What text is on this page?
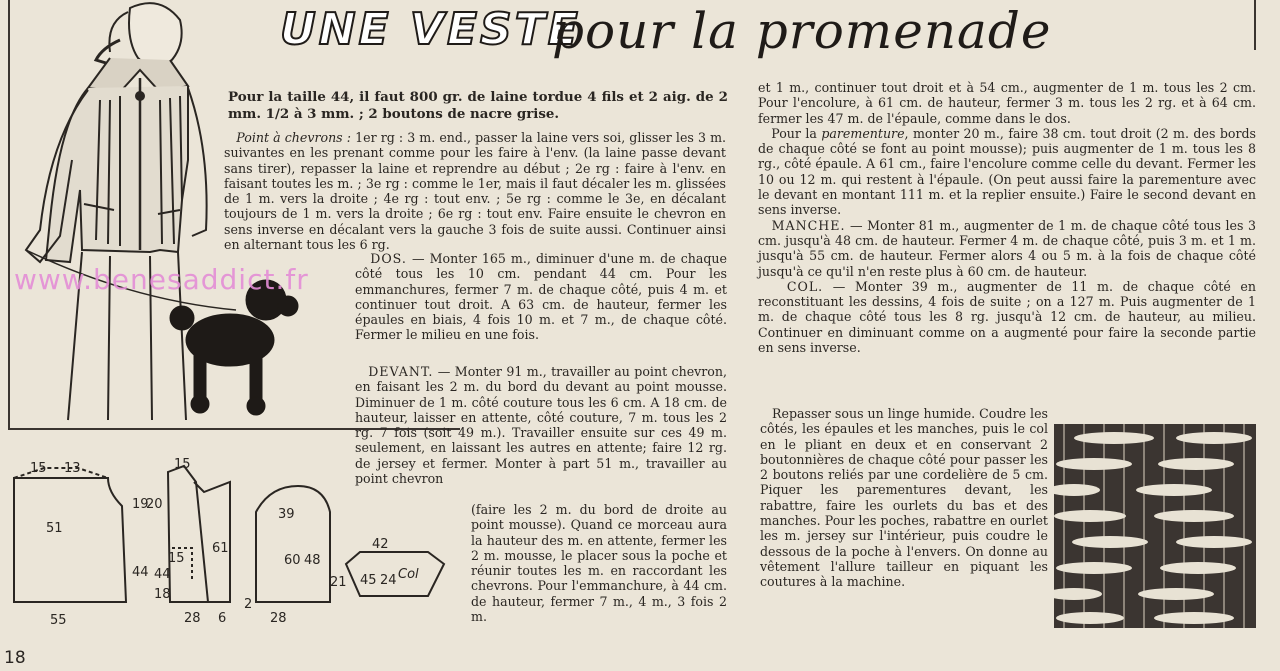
UNE VESTE
pour la promenade
www.benesaddict.fr
Pour la taille 44, il faut 800 gr. de laine tordue 4 fils et 2 aig. de 2 mm. 1/2 à 3 mm. ; 2 boutons de nacre grise.

Point à chevrons : 1er rg : 3 m. end., passer la laine vers soi, glisser les 3 m. suivantes en les prenant comme pour les faire à l'env. (la laine passe devant sans tirer), repasser la laine et reprendre au début ; 2e rg : faire à l'env. en faisant toutes les m. ; 3e rg : comme le 1er, mais il faut décaler les m. glissées de 1 m. vers la droite ; 4e rg : tout env. ; 5e rg : comme le 3e, en décalant toujours de 1 m. vers la droite ; 6e rg : tout env. Faire ensuite le chevron en sens inverse en décalant vers la gauche 3 fois de suite aussi. Continuer ainsi en alternant tous les 6 rg.

DOS. — Monter 165 m., diminuer d'une m. de chaque côté tous les 10 cm. pendant 44 cm. Pour les emmanchures, fermer 7 m. de chaque côté, puis 4 m. et continuer tout droit. A 63 cm. de hauteur, fermer les épaules en biais, 4 fois 10 m. et 7 m., de chaque côté. Fermer le milieu en une fois.

DEVANT. — Monter 91 m., travailler au point chevron, en faisant les 2 m. du bord du devant au point mousse. Diminuer de 1 m. côté couture tous les 6 cm. A 18 cm. de hauteur, laisser en attente, côté couture, 7 m. tous les 2 rg. 7 fois (soit 49 m.). Travailler ensuite sur ces 49 m. seulement, en laissant les autres en attente; faire 12 rg. de jersey et fermer. Monter à part 51 m., travailler au point chevron

(faire les 2 m. du bord de droite au point mousse). Quand ce morceau aura la hauteur des m. en attente, fermer les 2 m. mousse, le placer sous la poche et réunir toutes les m. en raccordant les chevrons. Pour l'emmanchure, à 44 cm. de hauteur, fermer 7 m., 4 m., 3 fois 2 m.

et 1 m., continuer tout droit et à 54 cm., augmenter de 1 m. tous les 2 cm. Pour l'encolure, à 61 cm. de hauteur, fermer 3 m. tous les 2 rg. et à 64 cm. fermer les 47 m. de l'épaule, comme dans le dos.

Pour la parementure, monter 20 m., faire 38 cm. tout droit (2 m. des bords de chaque côté se font au point mousse); puis augmenter de 1 m. tous les 8 rg., côté épaule. A 61 cm., faire l'encolure comme celle du devant. Fermer les 10 ou 12 m. qui restent à l'épaule. (On peut aussi faire la parementure avec le devant en montant 111 m. et la replier ensuite.) Faire le second devant en sens inverse.

MANCHE. — Monter 81 m., augmenter de 1 m. de chaque côté tous les 3 cm. jusqu'à 48 cm. de hauteur. Fermer 4 m. de chaque côté, puis 3 m. et 1 m. jusqu'à 55 cm. de hauteur. Fermer alors 4 ou 5 m. à la fois de chaque côté jusqu'à ce qu'il n'en reste plus à 60 cm. de hauteur.

COL. — Monter 39 m., augmenter de 11 m. de chaque côté en reconstituant les dessins, 4 fois de suite ; on a 127 m. Puis augmenter de 1 m. de chaque côté tous les 8 rg. jusqu'à 12 cm. de hauteur, au milieu. Continuer en diminuant comme on a augmenté pour faire la seconde partie en sens inverse.

Repasser sous un linge humide. Coudre les côtés, les épaules et les manches, puis le col en le pliant en deux et en conservant 2 boutonnières de chaque côté pour passer les 2 boutons reliés par une cordelière de 5 cm. Piquer les parementures devant, les rabattre, faire les ourlets du bas et des manches. Pour les poches, rabattre en ourlet les m. jersey sur l'intérieur, puis coudre le dessous de la poche à l'envers. On donne au vêtement l'allure tailleur en piquant les coutures à la machine.

15 13
51
44
19
20
55
15
61
15
44
18
28 6
39
60 48
28
2
42
21 45 24 Col
18
